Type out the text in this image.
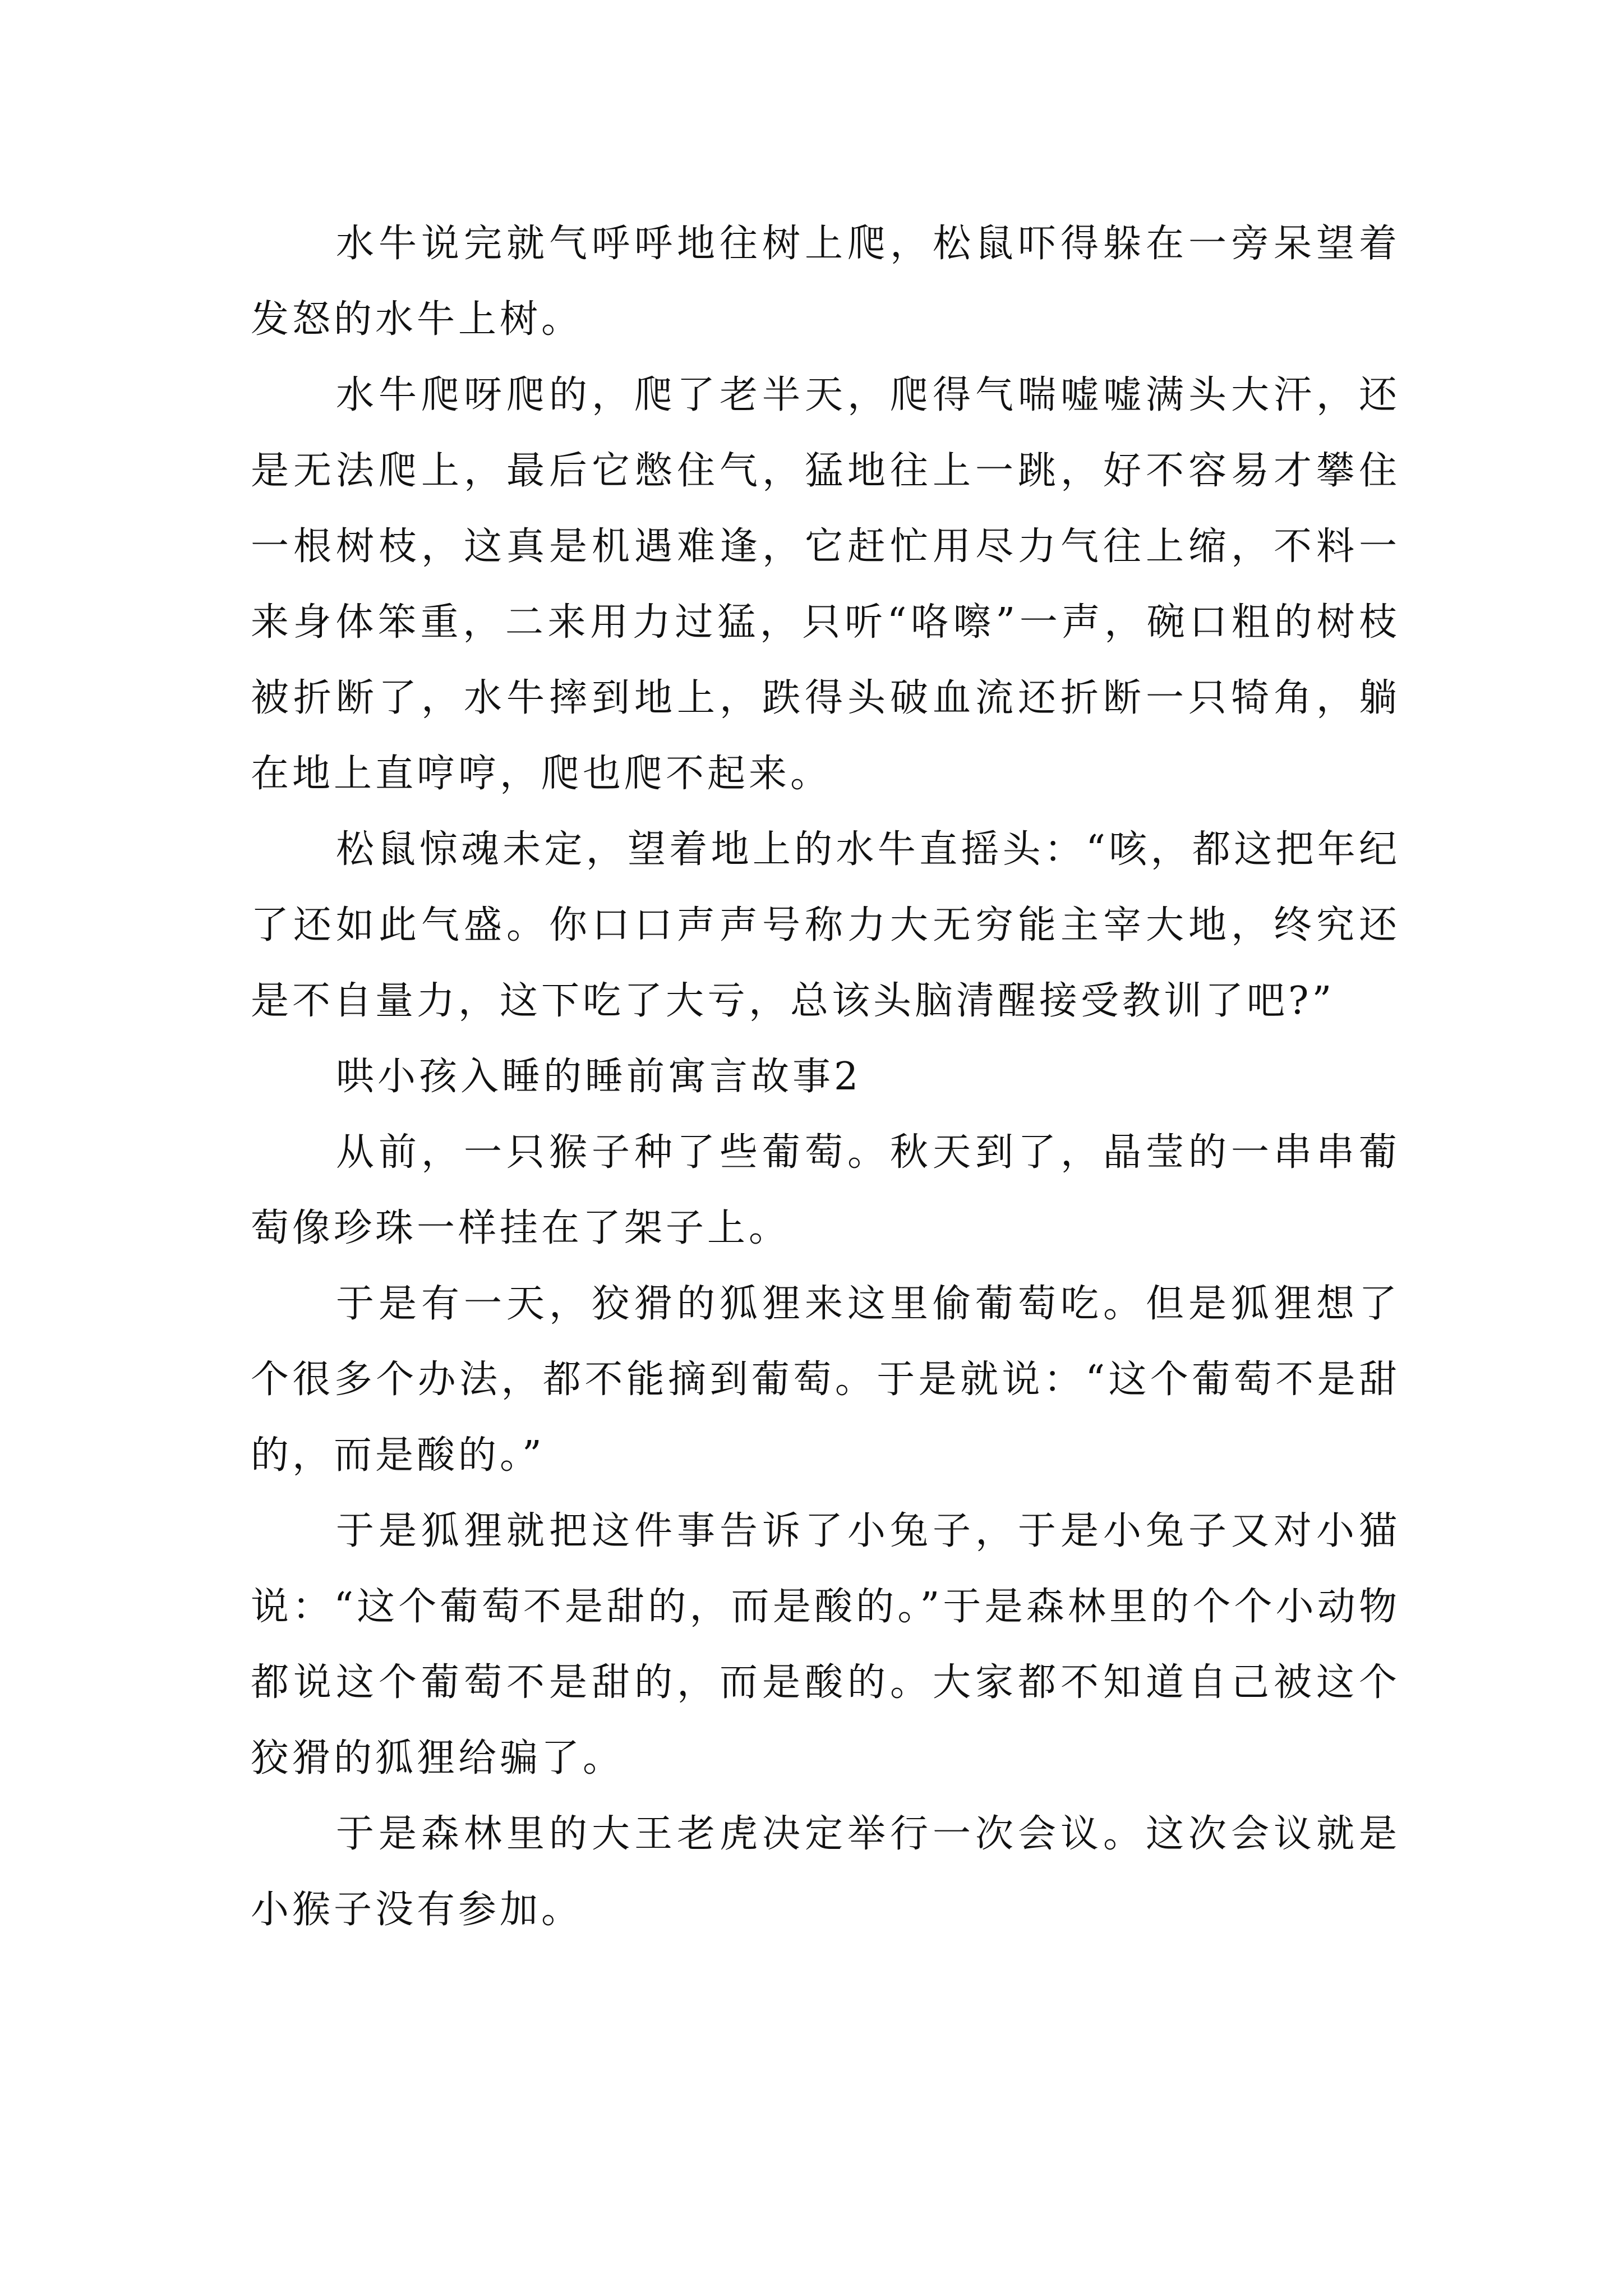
水牛说完就气呼呼地往树上爬，松鼠吓得躲在一旁呆望着发怒的水牛上树。

水牛爬呀爬的，爬了老半天，爬得气喘嘘嘘满头大汗，还是无法爬上，最后它憋住气，猛地往上一跳，好不容易才攀住一根树枝，这真是机遇难逢，它赶忙用尽力气往上缩，不料一来身体笨重，二来用力过猛，只听“咯嚓”一声，碗口粗的树枝被折断了，水牛摔到地上，跌得头破血流还折断一只犄角，躺在地上直哼哼，爬也爬不起来。

松鼠惊魂未定，望着地上的水牛直摇头：“咳，都这把年纪了还如此气盛。你口口声声号称力大无穷能主宰大地，终究还是不自量力，这下吃了大亏，总该头脑清醒接受教训了吧?”

哄小孩入睡的睡前寓言故事2

从前，一只猴子种了些葡萄。秋天到了，晶莹的一串串葡萄像珍珠一样挂在了架子上。

于是有一天，狡猾的狐狸来这里偷葡萄吃。但是狐狸想了个很多个办法，都不能摘到葡萄。于是就说：“这个葡萄不是甜的，而是酸的。”

于是狐狸就把这件事告诉了小兔子，于是小兔子又对小猫说：“这个葡萄不是甜的，而是酸的。”于是森林里的个个小动物都说这个葡萄不是甜的，而是酸的。大家都不知道自己被这个狡猾的狐狸给骗了。

于是森林里的大王老虎决定举行一次会议。这次会议就是小猴子没有参加。
